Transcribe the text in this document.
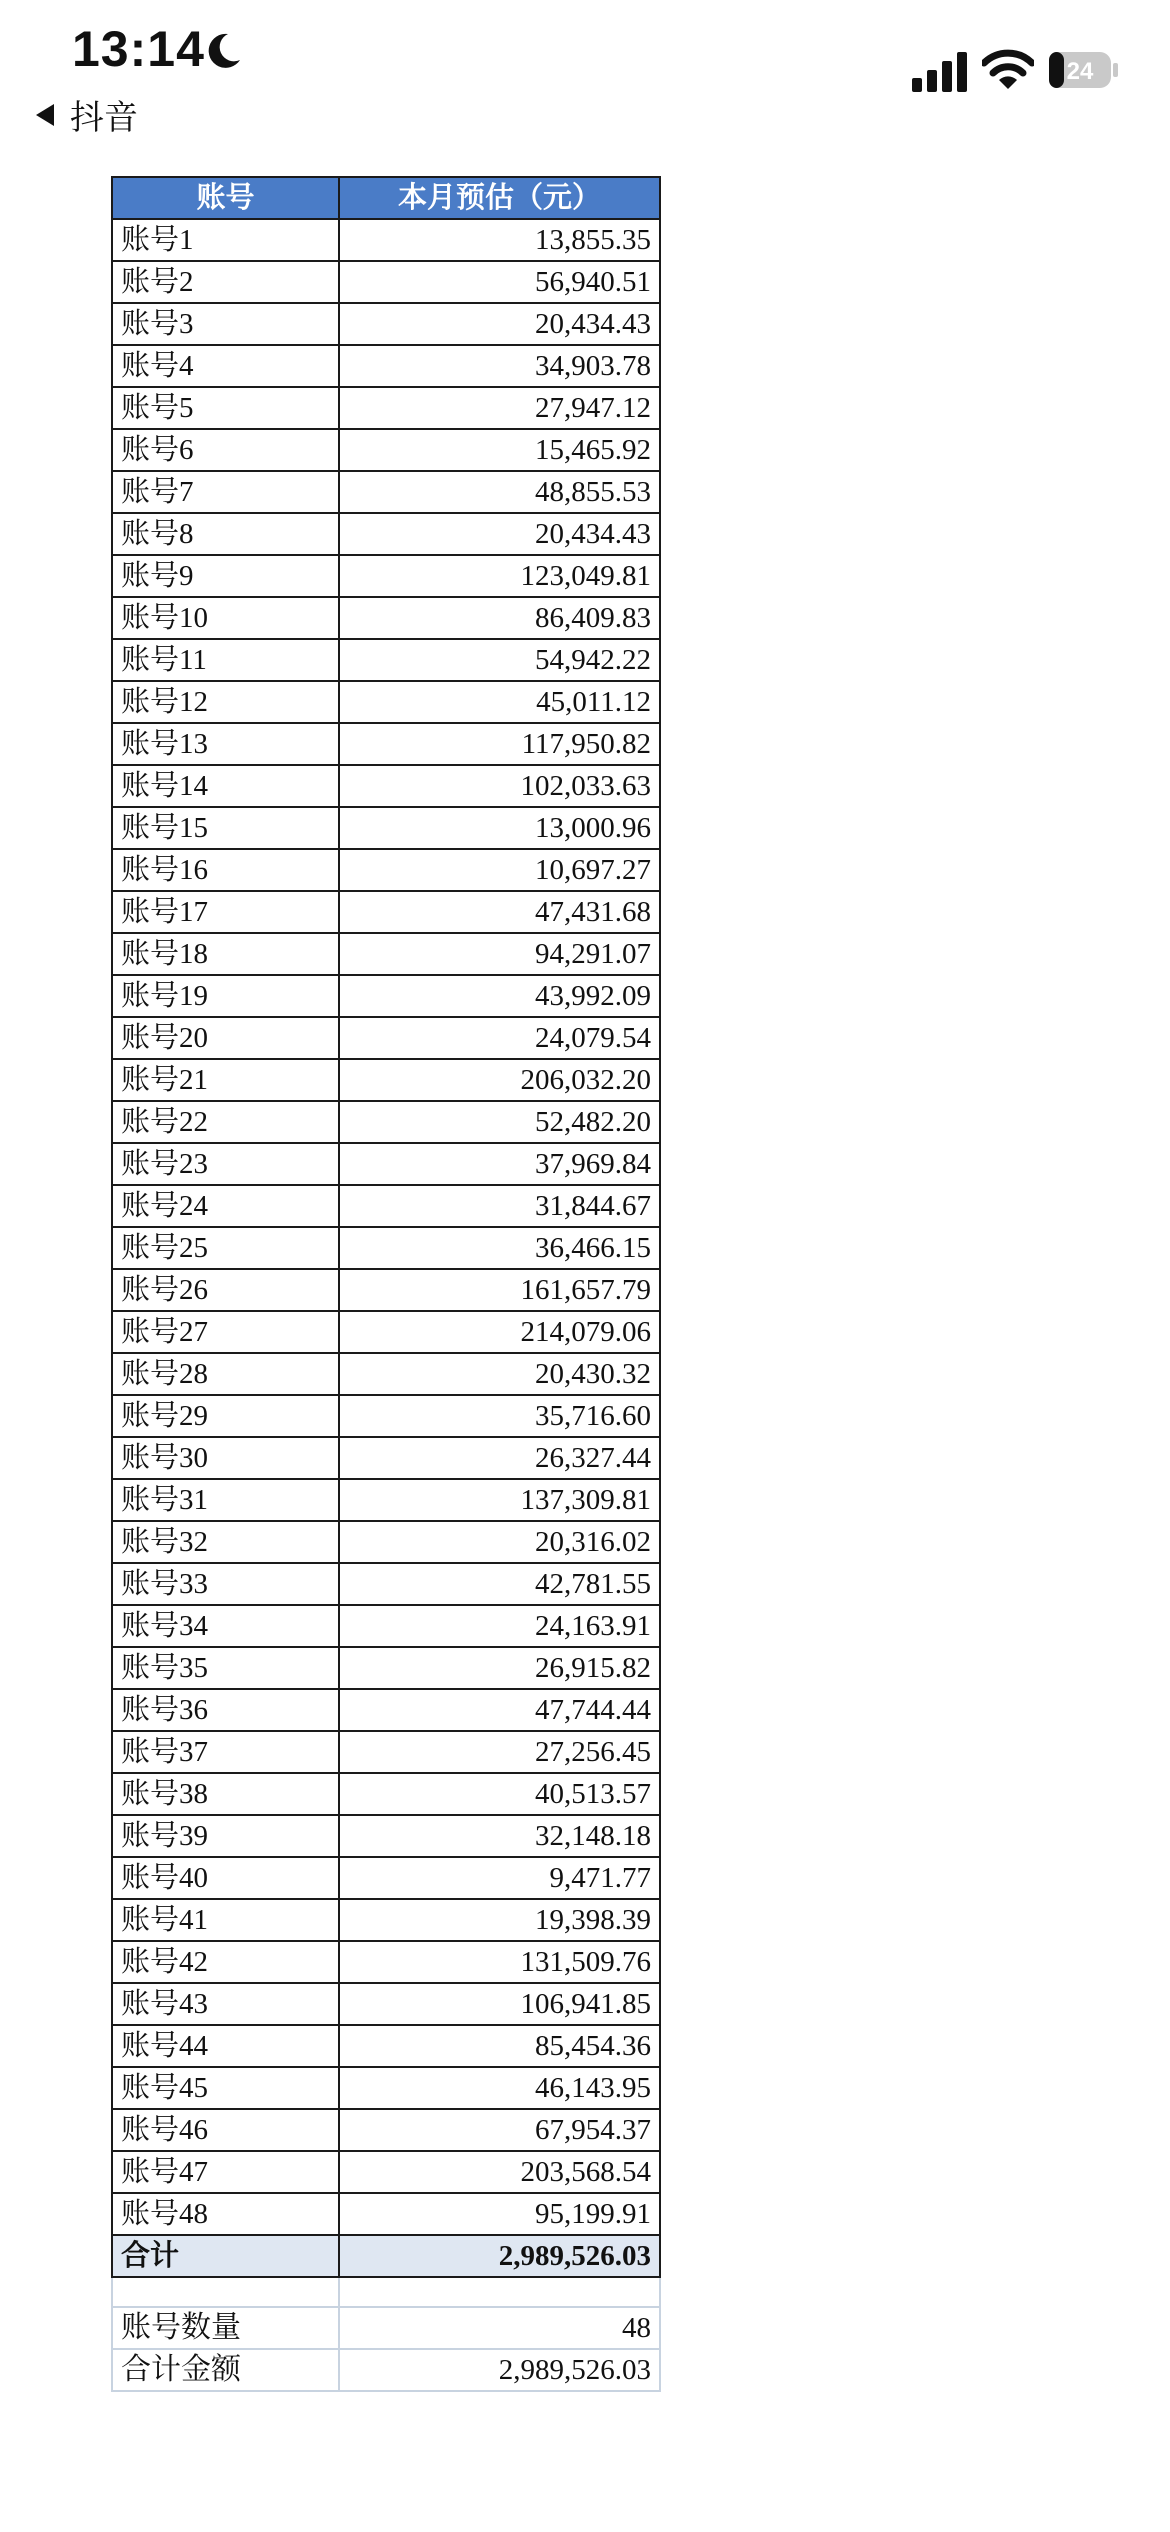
13:14
抖音
24
账号	本月预估（元）
账号1	13,855.35
账号2	56,940.51
账号3	20,434.43
账号4	34,903.78
账号5	27,947.12
账号6	15,465.92
账号7	48,855.53
账号8	20,434.43
账号9	123,049.81
账号10	86,409.83
账号11	54,942.22
账号12	45,011.12
账号13	117,950.82
账号14	102,033.63
账号15	13,000.96
账号16	10,697.27
账号17	47,431.68
账号18	94,291.07
账号19	43,992.09
账号20	24,079.54
账号21	206,032.20
账号22	52,482.20
账号23	37,969.84
账号24	31,844.67
账号25	36,466.15
账号26	161,657.79
账号27	214,079.06
账号28	20,430.32
账号29	35,716.60
账号30	26,327.44
账号31	137,309.81
账号32	20,316.02
账号33	42,781.55
账号34	24,163.91
账号35	26,915.82
账号36	47,744.44
账号37	27,256.45
账号38	40,513.57
账号39	32,148.18
账号40	9,471.77
账号41	19,398.39
账号42	131,509.76
账号43	106,941.85
账号44	85,454.36
账号45	46,143.95
账号46	67,954.37
账号47	203,568.54
账号48	95,199.91
合计	2,989,526.03

账号数量	48
合计金额	2,989,526.03
